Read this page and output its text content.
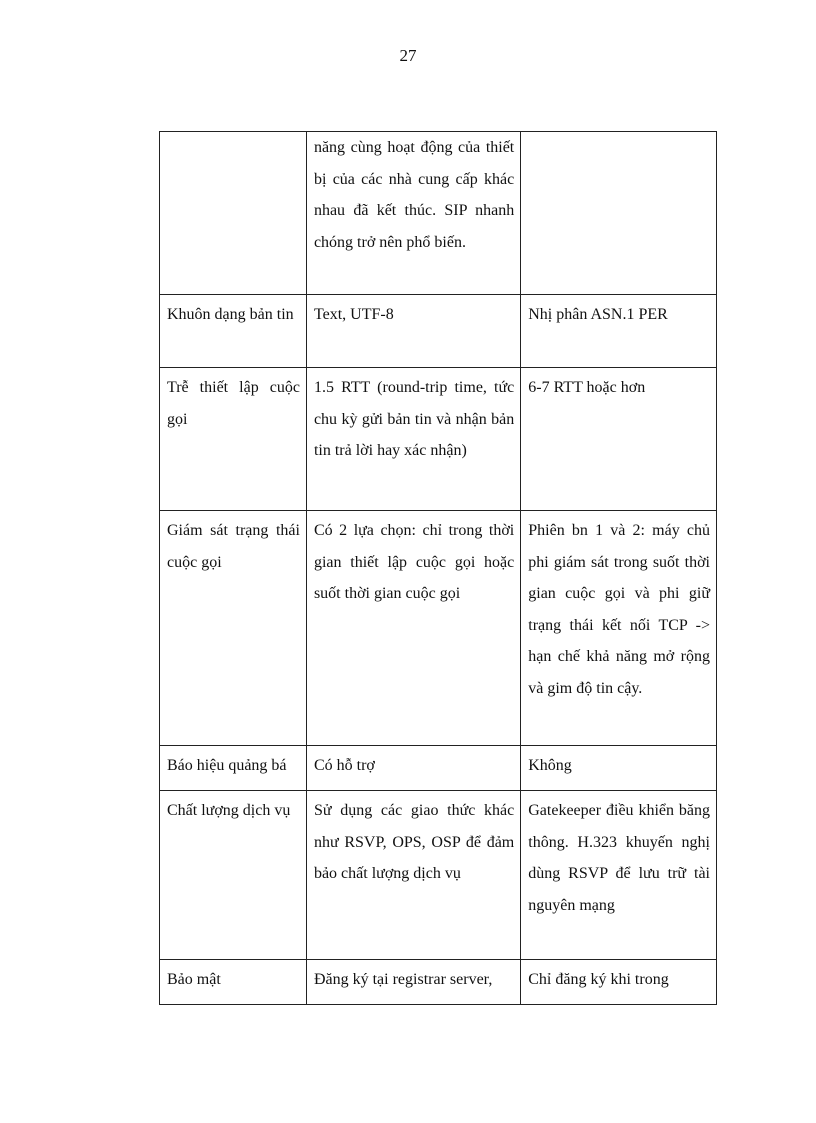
27

	năng cùng hoạt động của thiết bị của các nhà cung cấp khác nhau đã kết thúc. SIP nhanh chóng trở nên phổ biến.	

Khuôn dạng bản tin	Text, UTF-8	Nhị phân ASN.1 PER

Trễ thiết lập cuộc gọi	1.5 RTT (round-trip time, tức chu kỳ gửi bản tin và nhận bản tin trả lời hay xác nhận)	6-7 RTT hoặc hơn

Giám sát trạng thái cuộc gọi	Có 2 lựa chọn: chỉ trong thời gian thiết lập cuộc gọi hoặc suốt thời gian cuộc gọi	Phiên bn 1 và 2: máy chủ phi giám sát trong suốt thời gian cuộc gọi và phi giữ trạng thái kết nối TCP -> hạn chế khả năng mở rộng và gim độ tin cậy.

Báo hiệu quảng bá	Có hỗ trợ	Không

Chất lượng dịch vụ	Sử dụng các giao thức khác như RSVP, OPS, OSP để đảm bảo chất lượng dịch vụ	Gatekeeper điều khiển băng thông. H.323 khuyến nghị dùng RSVP để lưu trữ tài nguyên mạng

Bảo mật	Đăng ký tại registrar server,	Chỉ đăng ký khi trong
